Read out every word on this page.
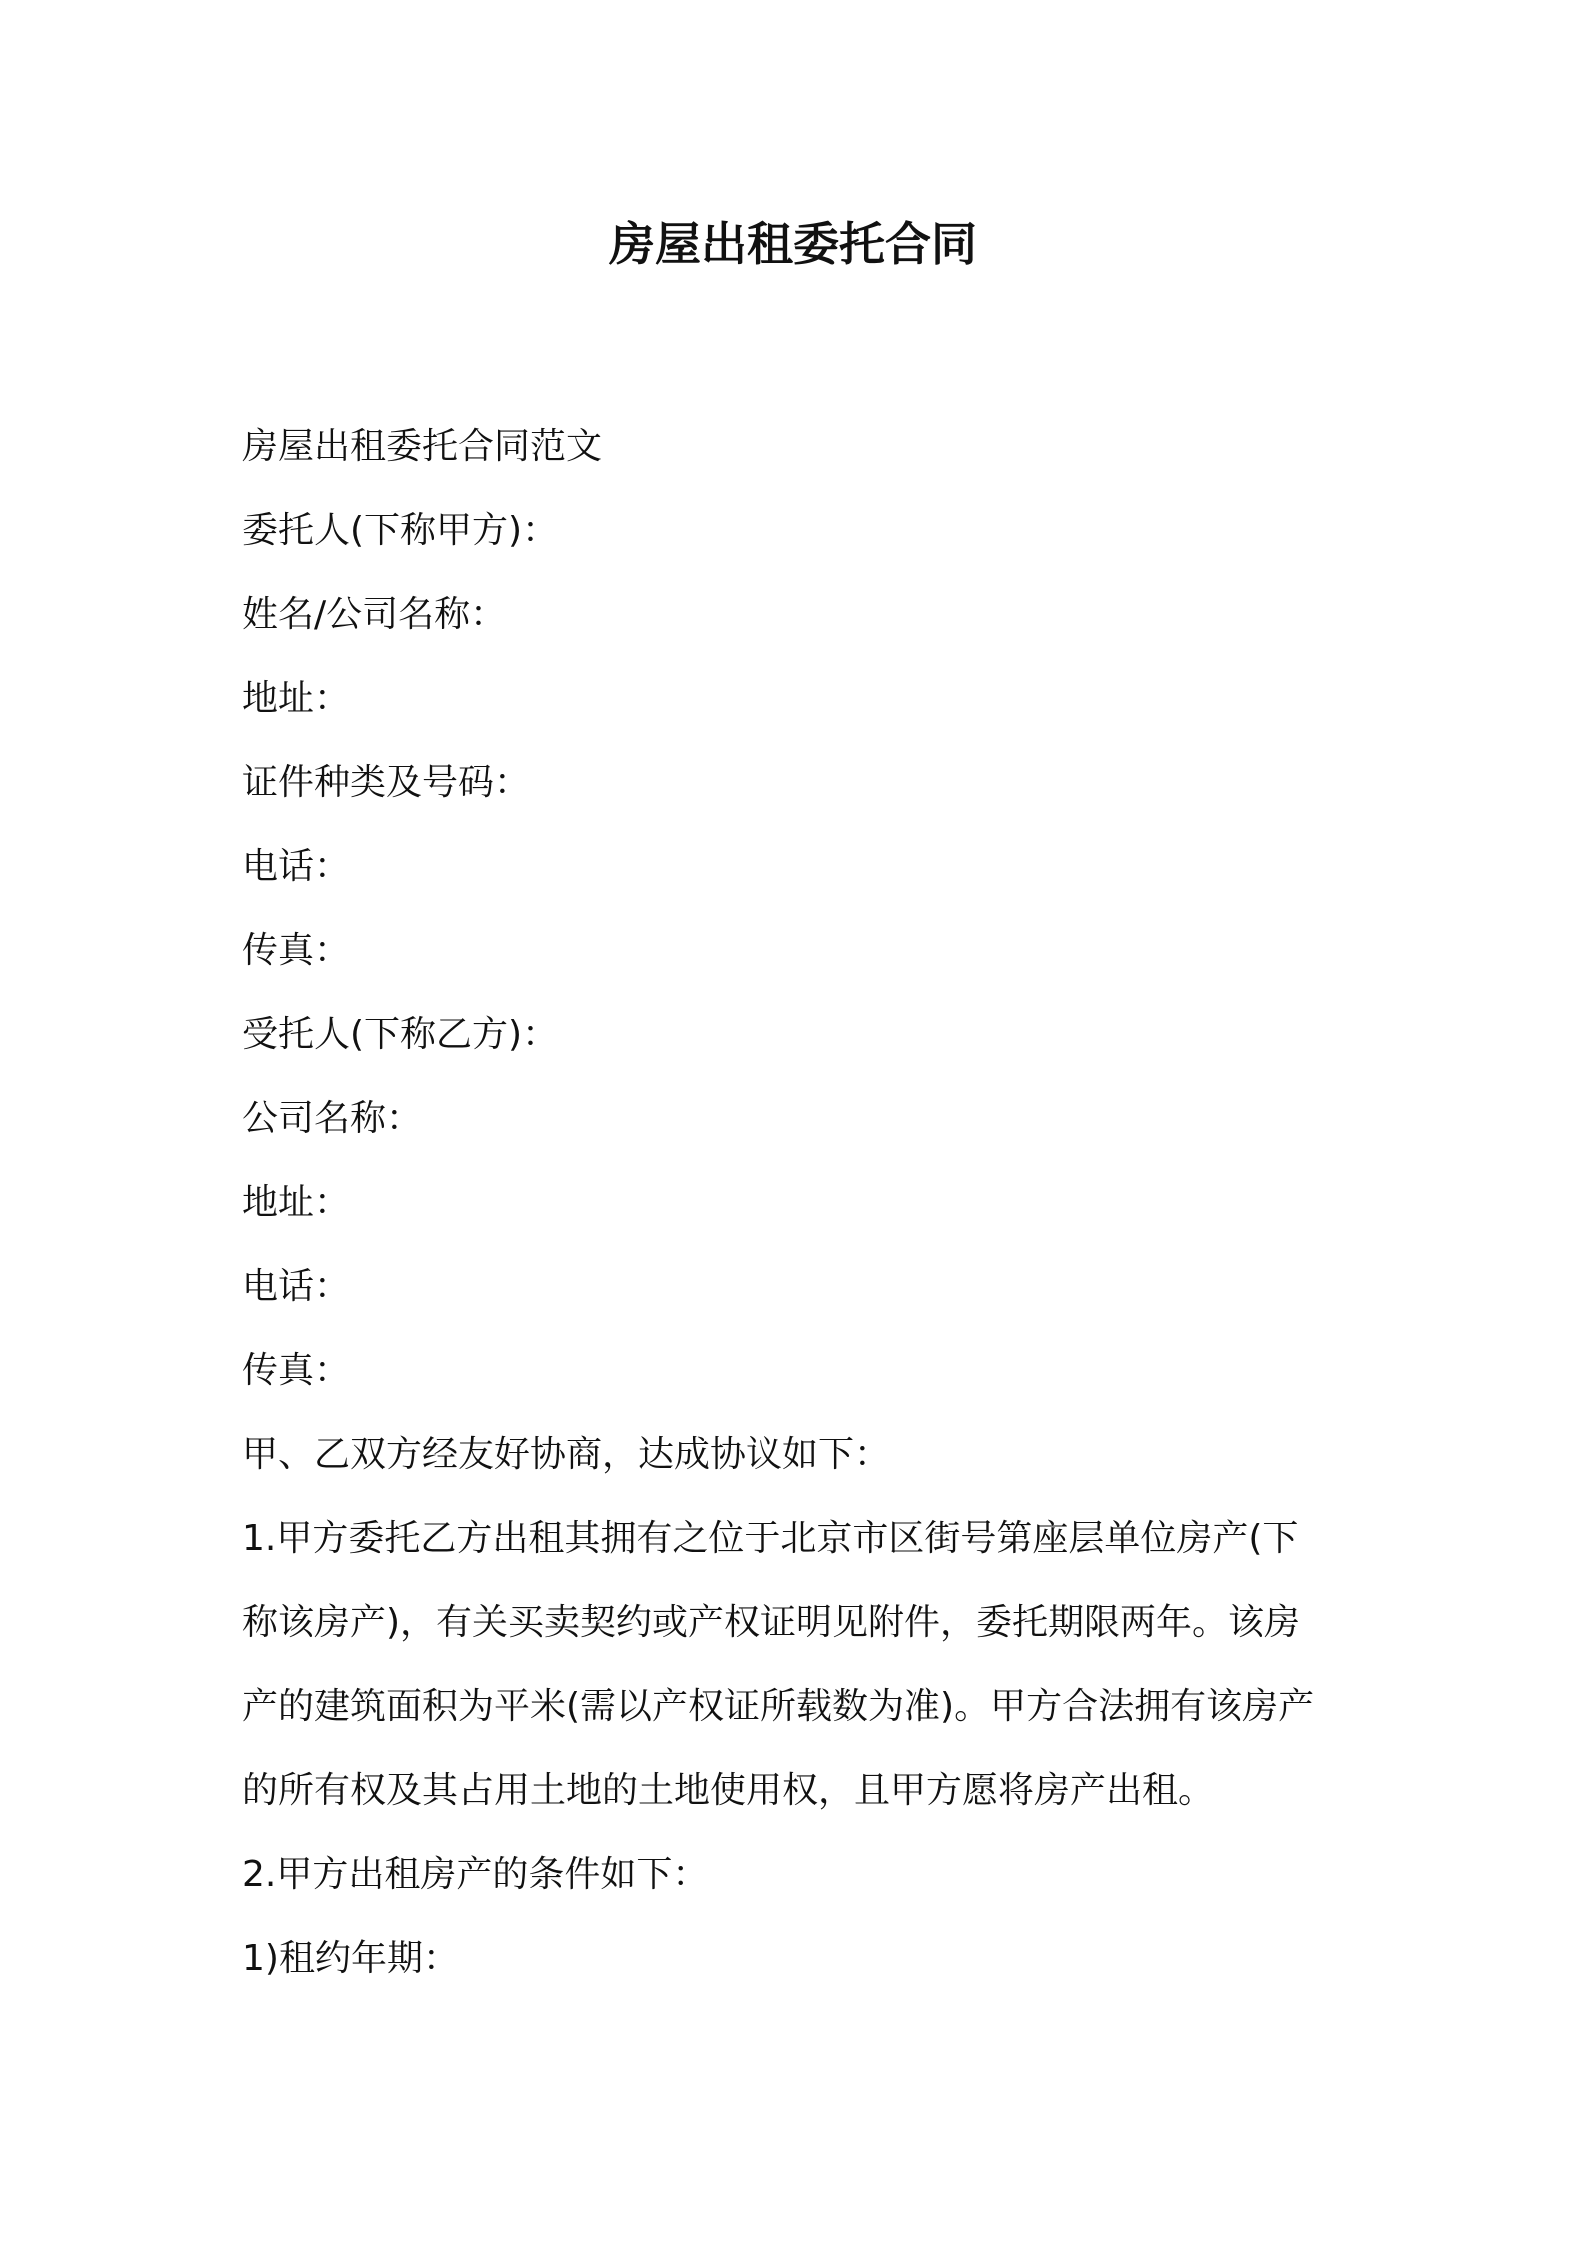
房屋出租委托合同

房屋出租委托合同范文

委托人(下称甲方)：

姓名/公司名称：

地址：

证件种类及号码：

电话：

传真：

受托人(下称乙方)：

公司名称：

地址：

电话：

传真：

甲、乙双方经友好协商，达成协议如下：

1.甲方委托乙方出租其拥有之位于北京市区街号第座层单位房产(下
称该房产)，有关买卖契约或产权证明见附件，委托期限两年。该房
产的建筑面积为平米(需以产权证所载数为准)。甲方合法拥有该房产
的所有权及其占用土地的土地使用权，且甲方愿将房产出租。

2.甲方出租房产的条件如下：

1)租约年期：
